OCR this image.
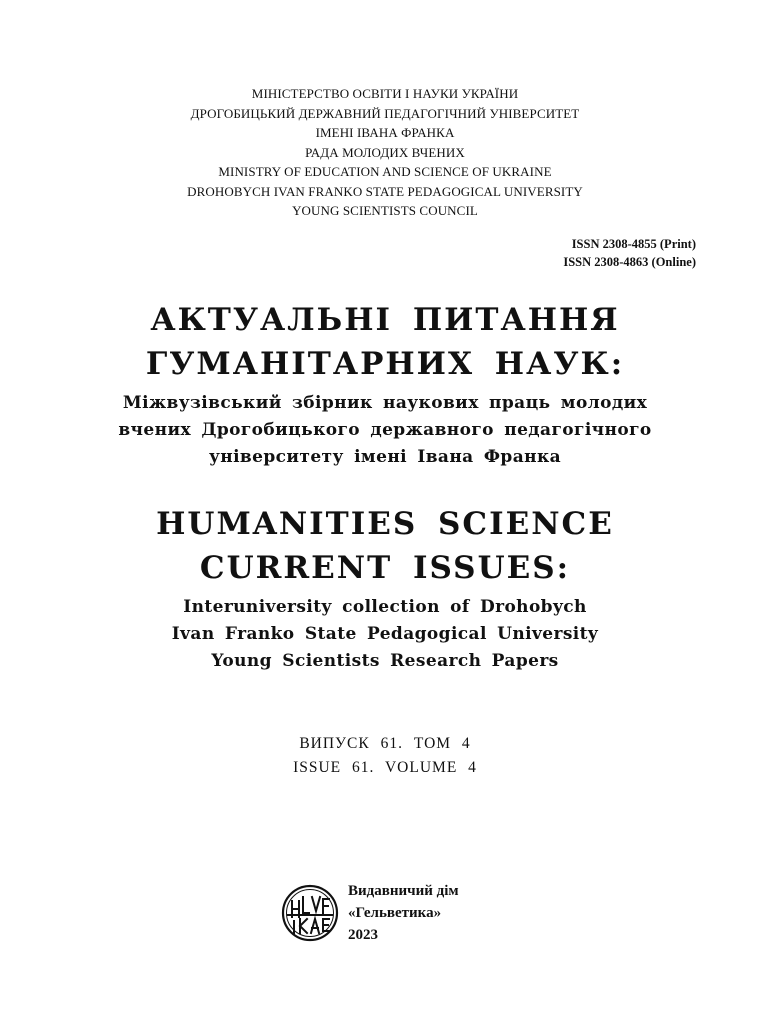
МІНІСТЕРСТВО ОСВІТИ І НАУКИ УКРАЇНИ
ДРОГОБИЦЬКИЙ ДЕРЖАВНИЙ ПЕДАГОГІЧНИЙ УНІВЕРСИТЕТ
ІМЕНІ ІВАНА ФРАНКА
РАДА МОЛОДИХ ВЧЕНИХ
MINISTRY OF EDUCATION AND SCIENCE OF UKRAINE
DROHOBYCH IVAN FRANKO STATE PEDAGOGICAL UNIVERSITY
YOUNG SCIENTISTS COUNCIL
ISSN 2308-4855 (Print)
ISSN 2308-4863 (Online)
АКТУАЛЬНІ ПИТАННЯ
ГУМАНІТАРНИХ НАУК:
Міжвузівський збірник наукових праць молодих
вчених Дрогобицького державного педагогічного
університету імені Івана Франка
HUMANITIES SCIENCE
CURRENT ISSUES:
Interuniversity collection of Drohobych
Ivan Franko State Pedagogical University
Young Scientists Research Papers
ВИПУСК 61. ТОМ 4
ISSUE 61. VOLUME 4
Видавничий дім
«Гельветика»
2023
